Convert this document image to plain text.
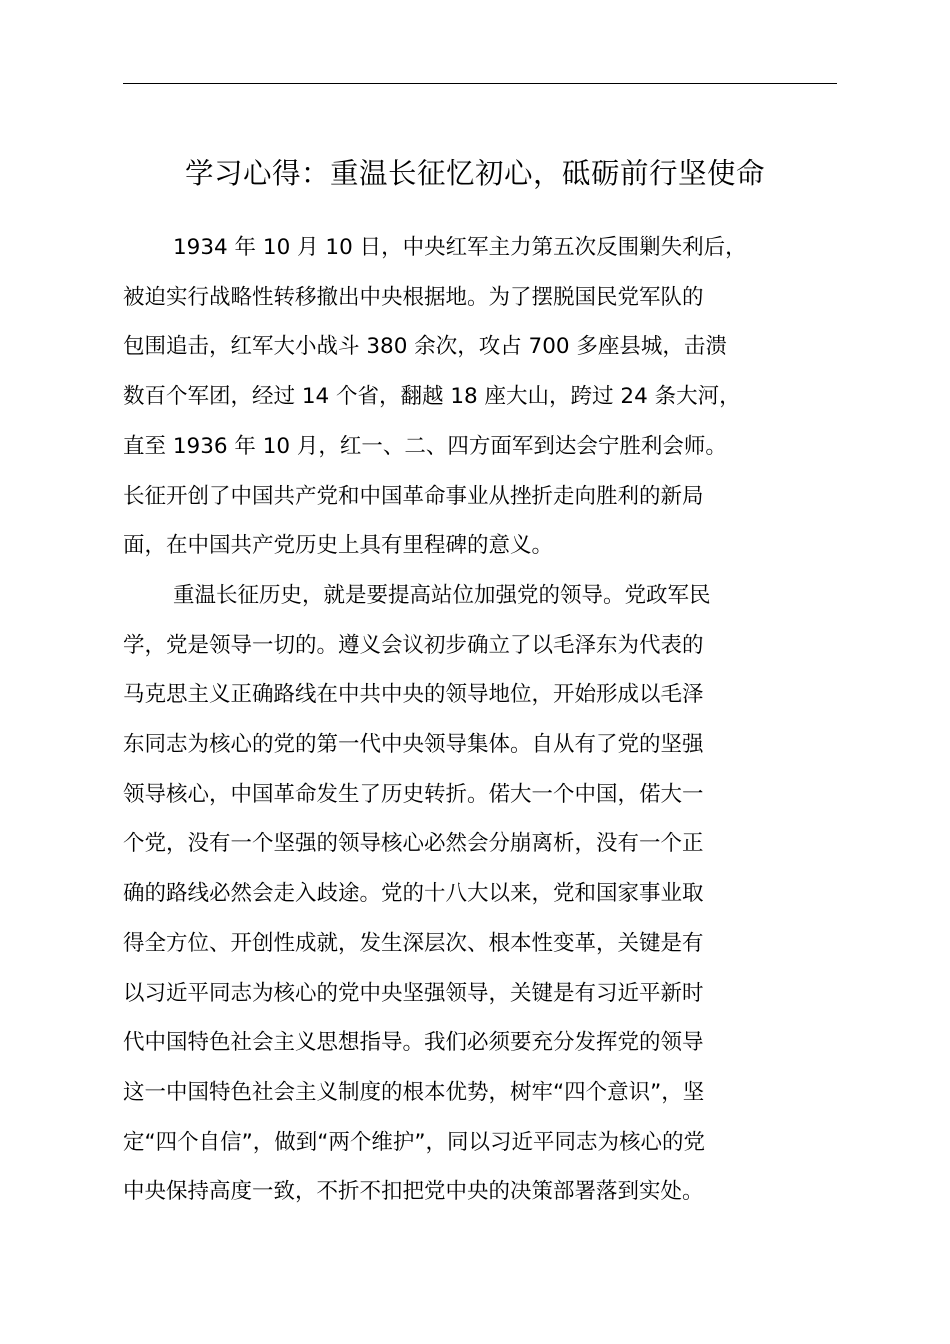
学习心得：重温长征忆初心，砥砺前行坚使命

1934 年 10 月 10 日，中央红军主力第五次反围剿失利后，
被迫实行战略性转移撤出中央根据地。为了摆脱国民党军队的
包围追击，红军大小战斗 380 余次，攻占 700 多座县城，击溃
数百个军团，经过 14 个省，翻越 18 座大山，跨过 24 条大河，
直至 1936 年 10 月，红一、二、四方面军到达会宁胜利会师。
长征开创了中国共产党和中国革命事业从挫折走向胜利的新局
面，在中国共产党历史上具有里程碑的意义。

重温长征历史，就是要提高站位加强党的领导。党政军民
学，党是领导一切的。遵义会议初步确立了以毛泽东为代表的
马克思主义正确路线在中共中央的领导地位，开始形成以毛泽
东同志为核心的党的第一代中央领导集体。自从有了党的坚强
领导核心，中国革命发生了历史转折。偌大一个中国，偌大一
个党，没有一个坚强的领导核心必然会分崩离析，没有一个正
确的路线必然会走入歧途。党的十八大以来，党和国家事业取
得全方位、开创性成就，发生深层次、根本性变革，关键是有
以习近平同志为核心的党中央坚强领导，关键是有习近平新时
代中国特色社会主义思想指导。我们必须要充分发挥党的领导
这一中国特色社会主义制度的根本优势，树牢“四个意识”，坚
定“四个自信”，做到“两个维护”，同以习近平同志为核心的党
中央保持高度一致，不折不扣把党中央的决策部署落到实处。
